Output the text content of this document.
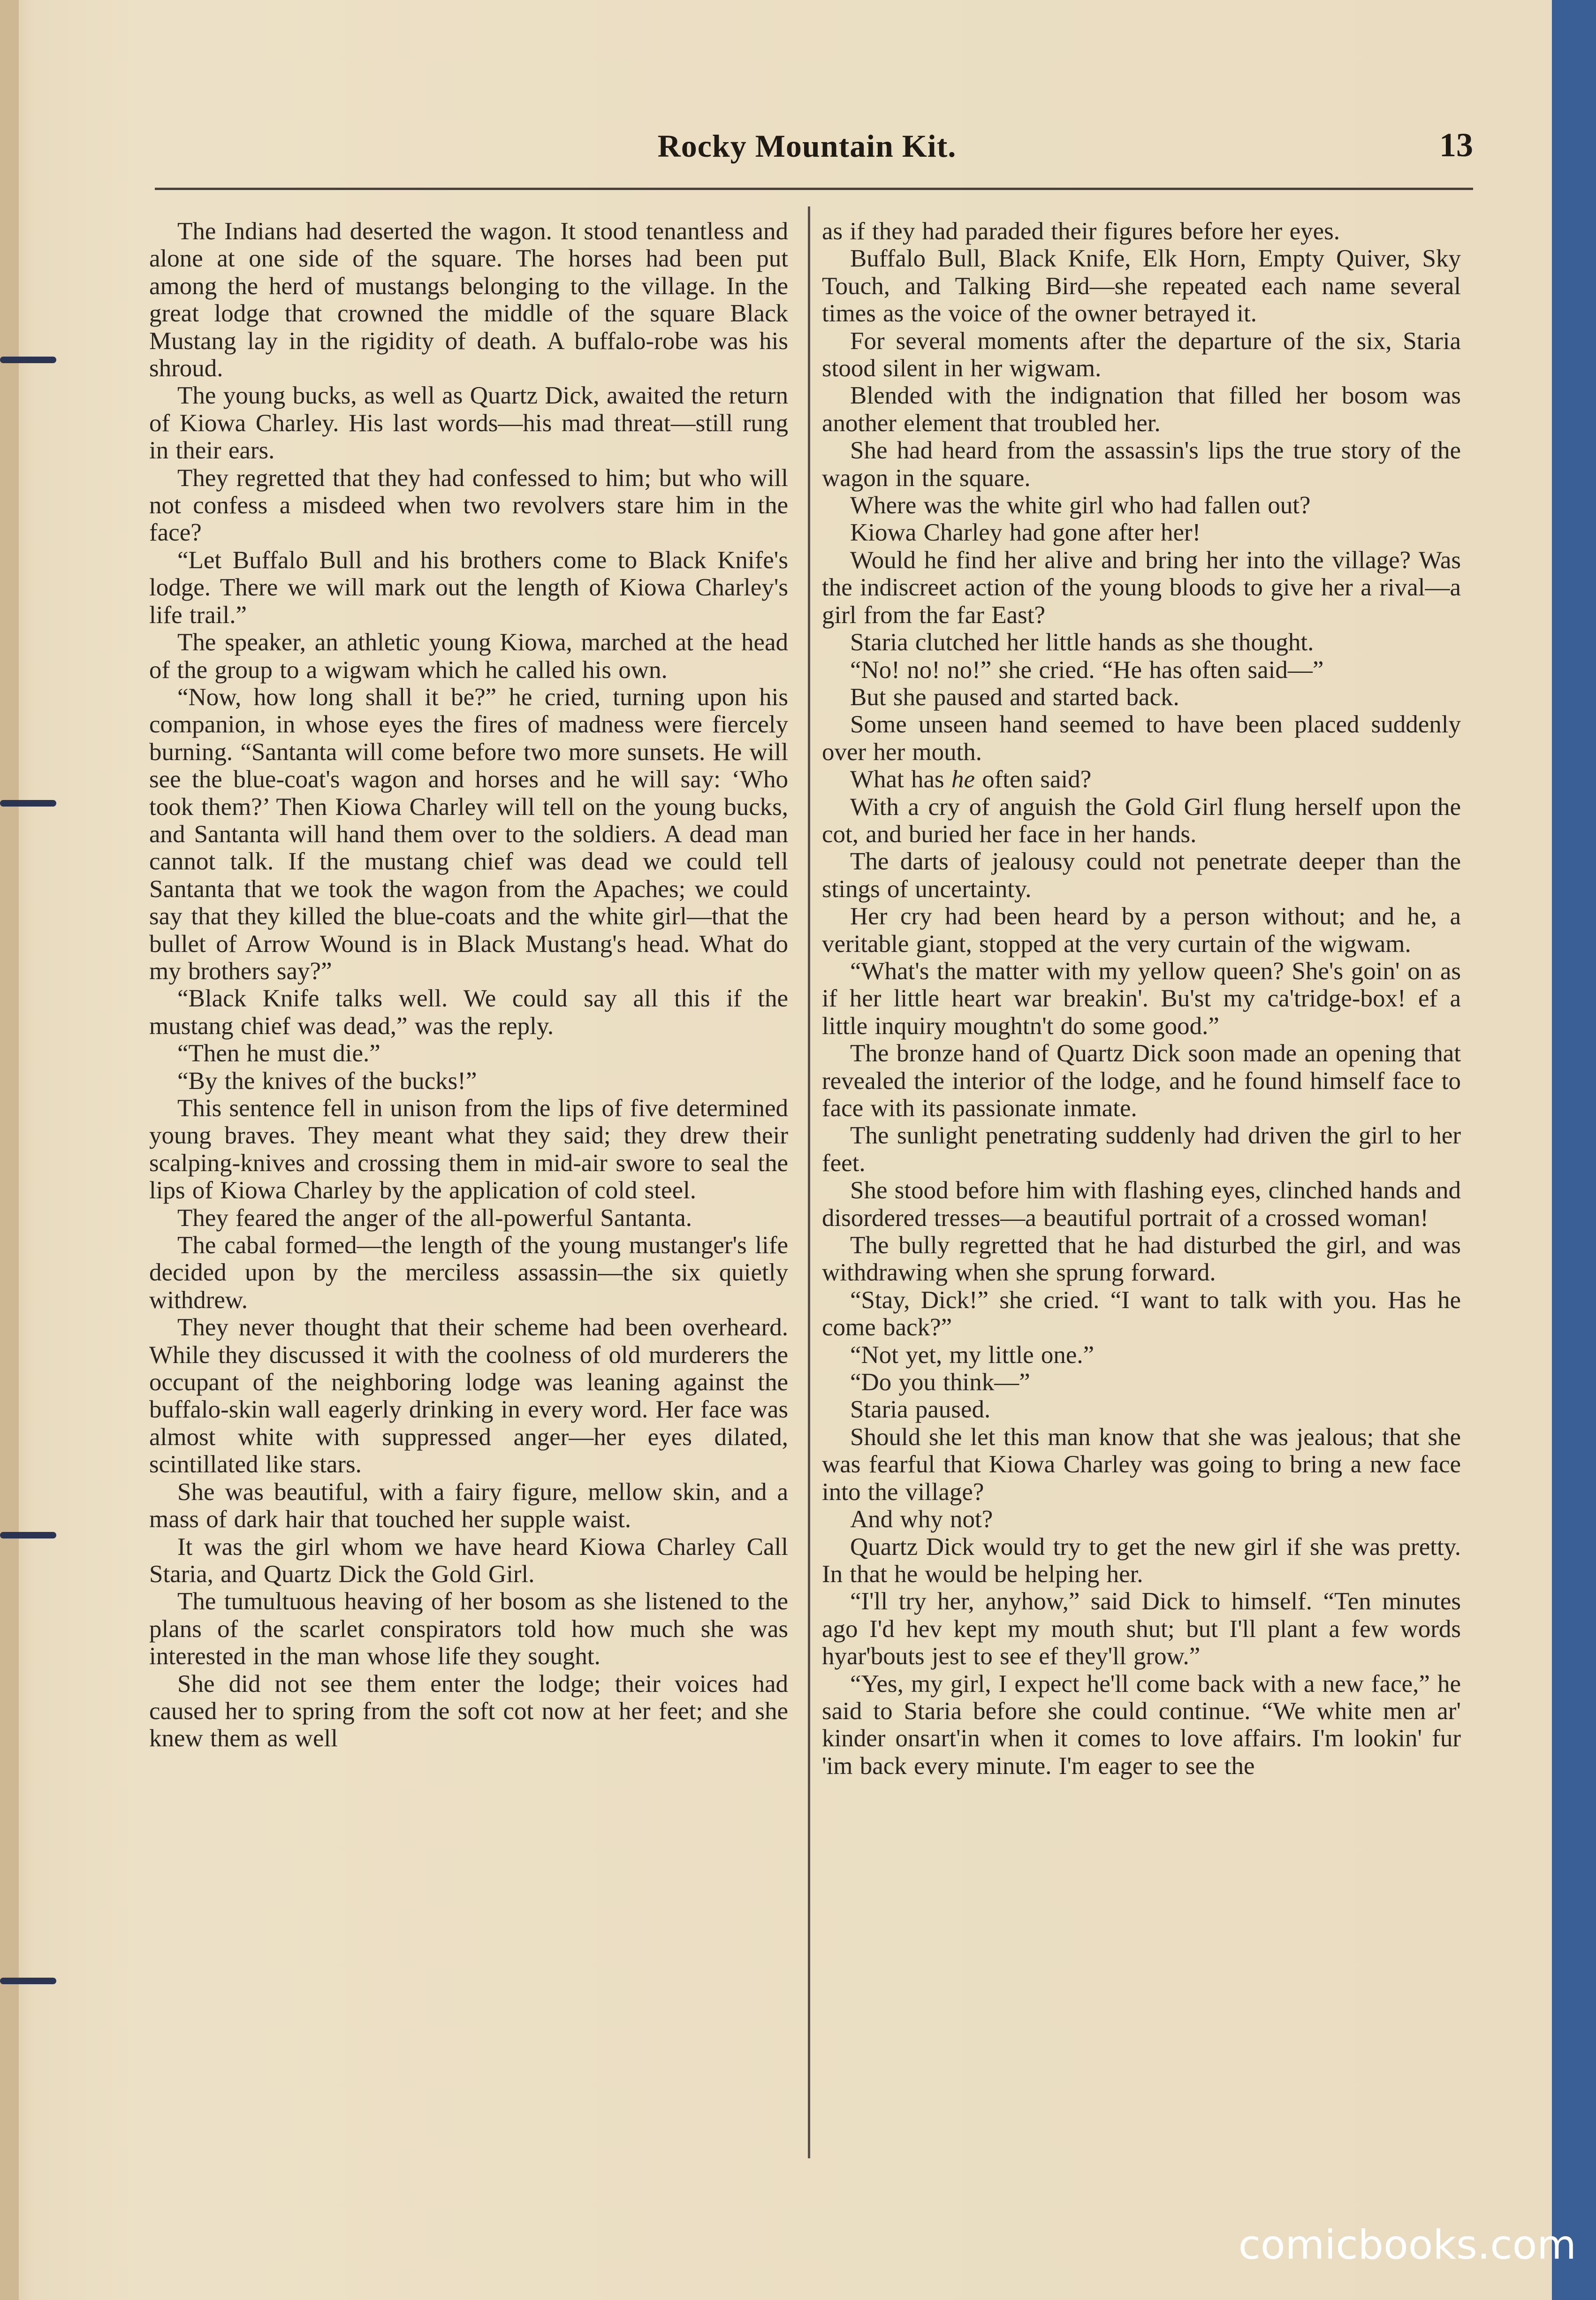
Rocky Mountain Kit.	13

The Indians had deserted the wagon. It stood tenantless and alone at one side of the square. The horses had been put among the herd of mustangs belonging to the village. In the great lodge that crowned the middle of the square Black Mustang lay in the rigidity of death. A buffalo-robe was his shroud.

The young bucks, as well as Quartz Dick, awaited the return of Kiowa Charley. His last words—his mad threat—still rung in their ears.

They regretted that they had confessed to him; but who will not confess a misdeed when two revolvers stare him in the face?

“Let Buffalo Bull and his brothers come to Black Knife's lodge. There we will mark out the length of Kiowa Charley's life trail.”

The speaker, an athletic young Kiowa, marched at the head of the group to a wigwam which he called his own.

“Now, how long shall it be?” he cried, turning upon his companion, in whose eyes the fires of madness were fiercely burning. “Santanta will come before two more sunsets. He will see the blue-coat's wagon and horses and he will say: ‘Who took them?’ Then Kiowa Charley will tell on the young bucks, and Santanta will hand them over to the soldiers. A dead man cannot talk. If the mustang chief was dead we could tell Santanta that we took the wagon from the Apaches; we could say that they killed the blue-coats and the white girl—that the bullet of Arrow Wound is in Black Mustang's head. What do my brothers say?”

“Black Knife talks well. We could say all this if the mustang chief was dead,” was the reply.

“Then he must die.”

“By the knives of the bucks!”

This sentence fell in unison from the lips of five determined young braves. They meant what they said; they drew their scalping-knives and crossing them in mid-air swore to seal the lips of Kiowa Charley by the application of cold steel.

They feared the anger of the all-powerful Santanta.

The cabal formed—the length of the young mustanger's life decided upon by the merciless assassin—the six quietly withdrew.

They never thought that their scheme had been overheard. While they discussed it with the coolness of old murderers the occupant of the neighboring lodge was leaning against the buffalo-skin wall eagerly drinking in every word. Her face was almost white with suppressed anger—her eyes dilated, scintillated like stars.

She was beautiful, with a fairy figure, mellow skin, and a mass of dark hair that touched her supple waist.

It was the girl whom we have heard Kiowa Charley Call Staria, and Quartz Dick the Gold Girl.

The tumultuous heaving of her bosom as she listened to the plans of the scarlet conspirators told how much she was interested in the man whose life they sought.

She did not see them enter the lodge; their voices had caused her to spring from the soft cot now at her feet; and she knew them as well

as if they had paraded their figures before her eyes.

Buffalo Bull, Black Knife, Elk Horn, Empty Quiver, Sky Touch, and Talking Bird—she repeated each name several times as the voice of the owner betrayed it.

For several moments after the departure of the six, Staria stood silent in her wigwam.

Blended with the indignation that filled her bosom was another element that troubled her.

She had heard from the assassin's lips the true story of the wagon in the square.

Where was the white girl who had fallen out?

Kiowa Charley had gone after her!

Would he find her alive and bring her into the village? Was the indiscreet action of the young bloods to give her a rival—a girl from the far East?

Staria clutched her little hands as she thought.

“No! no! no!” she cried. “He has often said—”

But she paused and started back.

Some unseen hand seemed to have been placed suddenly over her mouth.

What has he often said?

With a cry of anguish the Gold Girl flung herself upon the cot, and buried her face in her hands.

The darts of jealousy could not penetrate deeper than the stings of uncertainty.

Her cry had been heard by a person without; and he, a veritable giant, stopped at the very curtain of the wigwam.

“What's the matter with my yellow queen? She's goin' on as if her little heart war breakin'. Bu'st my ca'tridge-box! ef a little inquiry moughtn't do some good.”

The bronze hand of Quartz Dick soon made an opening that revealed the interior of the lodge, and he found himself face to face with its passionate inmate.

The sunlight penetrating suddenly had driven the girl to her feet.

She stood before him with flashing eyes, clinched hands and disordered tresses—a beautiful portrait of a crossed woman!

The bully regretted that he had disturbed the girl, and was withdrawing when she sprung forward.

“Stay, Dick!” she cried. “I want to talk with you. Has he come back?”

“Not yet, my little one.”

“Do you think—”

Staria paused.

Should she let this man know that she was jealous; that she was fearful that Kiowa Charley was going to bring a new face into the village?

And why not?

Quartz Dick would try to get the new girl if she was pretty. In that he would be helping her.

“I'll try her, anyhow,” said Dick to himself. “Ten minutes ago I'd hev kept my mouth shut; but I'll plant a few words hyar'bouts jest to see ef they'll grow.”

“Yes, my girl, I expect he'll come back with a new face,” he said to Staria before she could continue. “We white men ar' kinder onsart'in when it comes to love affairs. I'm lookin' fur 'im back every minute. I'm eager to see the

comicbooks.com
